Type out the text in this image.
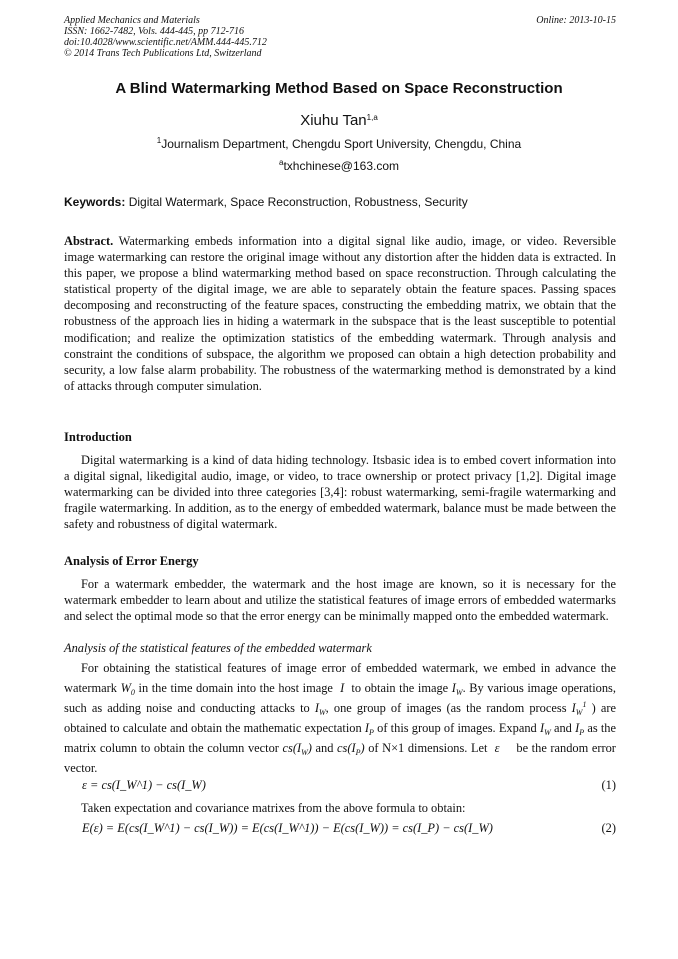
Applied Mechanics and Materials
ISSN: 1662-7482, Vols. 444-445, pp 712-716
doi:10.4028/www.scientific.net/AMM.444-445.712
© 2014 Trans Tech Publications Ltd, Switzerland
Online: 2013-10-15
A Blind Watermarking Method Based on Space Reconstruction
Xiuhu Tan$^{1,a}$
$^1$Journalism Department, Chengdu Sport University, Chengdu, China
$^a$txhchinese@163.com
Keywords: Digital Watermark, Space Reconstruction, Robustness, Security
Abstract. Watermarking embeds information into a digital signal like audio, image, or video. Reversible image watermarking can restore the original image without any distortion after the hidden data is extracted. In this paper, we propose a blind watermarking method based on space reconstruction. Through calculating the statistical property of the digital image, we are able to separately obtain the feature spaces. Passing spaces decomposing and reconstructing of the feature spaces, constructing the embedding matrix, we obtain that the robustness of the approach lies in hiding a watermark in the subspace that is the least susceptible to potential modification; and realize the optimization statistics of the embedding watermark. Through analysis and constraint the conditions of subspace, the algorithm we proposed can obtain a high detection probability and security, a low false alarm probability. The robustness of the watermarking method is demonstrated by a kind of attacks through computer simulation.
Introduction
Digital watermarking is a kind of data hiding technology. Itsbasic idea is to embed covert information into a digital signal, likedigital audio, image, or video, to trace ownership or protect privacy [1,2]. Digital image watermarking can be divided into three categories [3,4]: robust watermarking, semi-fragile watermarking and fragile watermarking. In addition, as to the energy of embedded watermark, balance must be made between the safety and robustness of digital watermark.
Analysis of Error Energy
For a watermark embedder, the watermark and the host image are known, so it is necessary for the watermark embedder to learn about and utilize the statistical features of image errors of embedded watermarks and select the optimal mode so that the error energy can be minimally mapped onto the embedded watermark.
Analysis of the statistical features of the embedded watermark
For obtaining the statistical features of image error of embedded watermark, we embed in advance the watermark $W_0$ in the time domain into the host image  I  to obtain the image $I_W$. By various image operations, such as adding noise and conducting attacks to $I_W$, one group of images (as the random process $I_W^1$ ) are obtained to calculate and obtain the mathematic expectation $I_P$ of this group of images. Expand $I_W$ and $I_P$ as the matrix column to obtain the column vector $cs(I_W)$ and $cs(I_P)$ of N×1 dimensions. Let  ε⃗  be the random error vector.
ε = cs(I_W^1) − cs(I_W)	(1)
Taken expectation and covariance matrixes from the above formula to obtain:
E(ε) = E(cs(I_W^1) − cs(I_W)) = E(cs(I_W^1)) − E(cs(I_W)) = cs(I_P) − cs(I_W)	(2)
